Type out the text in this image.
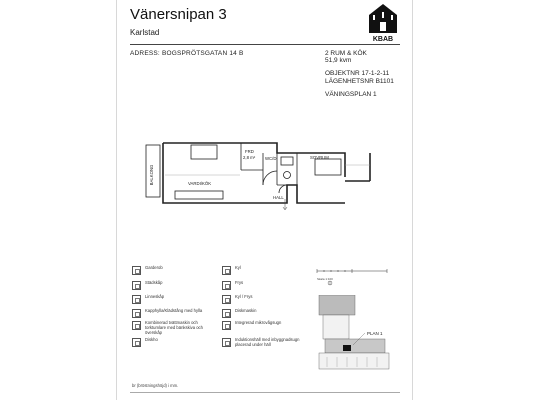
Vänersnipan 3
Karlstad
KBAB
ADRESS: BOGSPRÖTSGATAN 14 B	2 RUM & KÖK
51,9 kvm
OBJEKTNR 17-1-2-11
LÄGENHETSNR B1101
VÄNINGSPLAN 1
BALKONG	VARDI/KÖK
FRD
2,8 m² WC/D	SOVRUM
HALL
Garderob
Städskåp
Linneskåp
Kapphylla/Klädstång med hylla
Kombinerad tvättmaskin och
torktumlare med bänkskiva och
överskåp
Diskho
Kyl
Frys
Kyl / Frys
Diskmaskin
Integrerad mikrovågsugn
Induktionshäll med inbyggnadsugn
placerad under häll
Skala 1:100
PLAN 1
br (bröstningshöjd) i mm.
